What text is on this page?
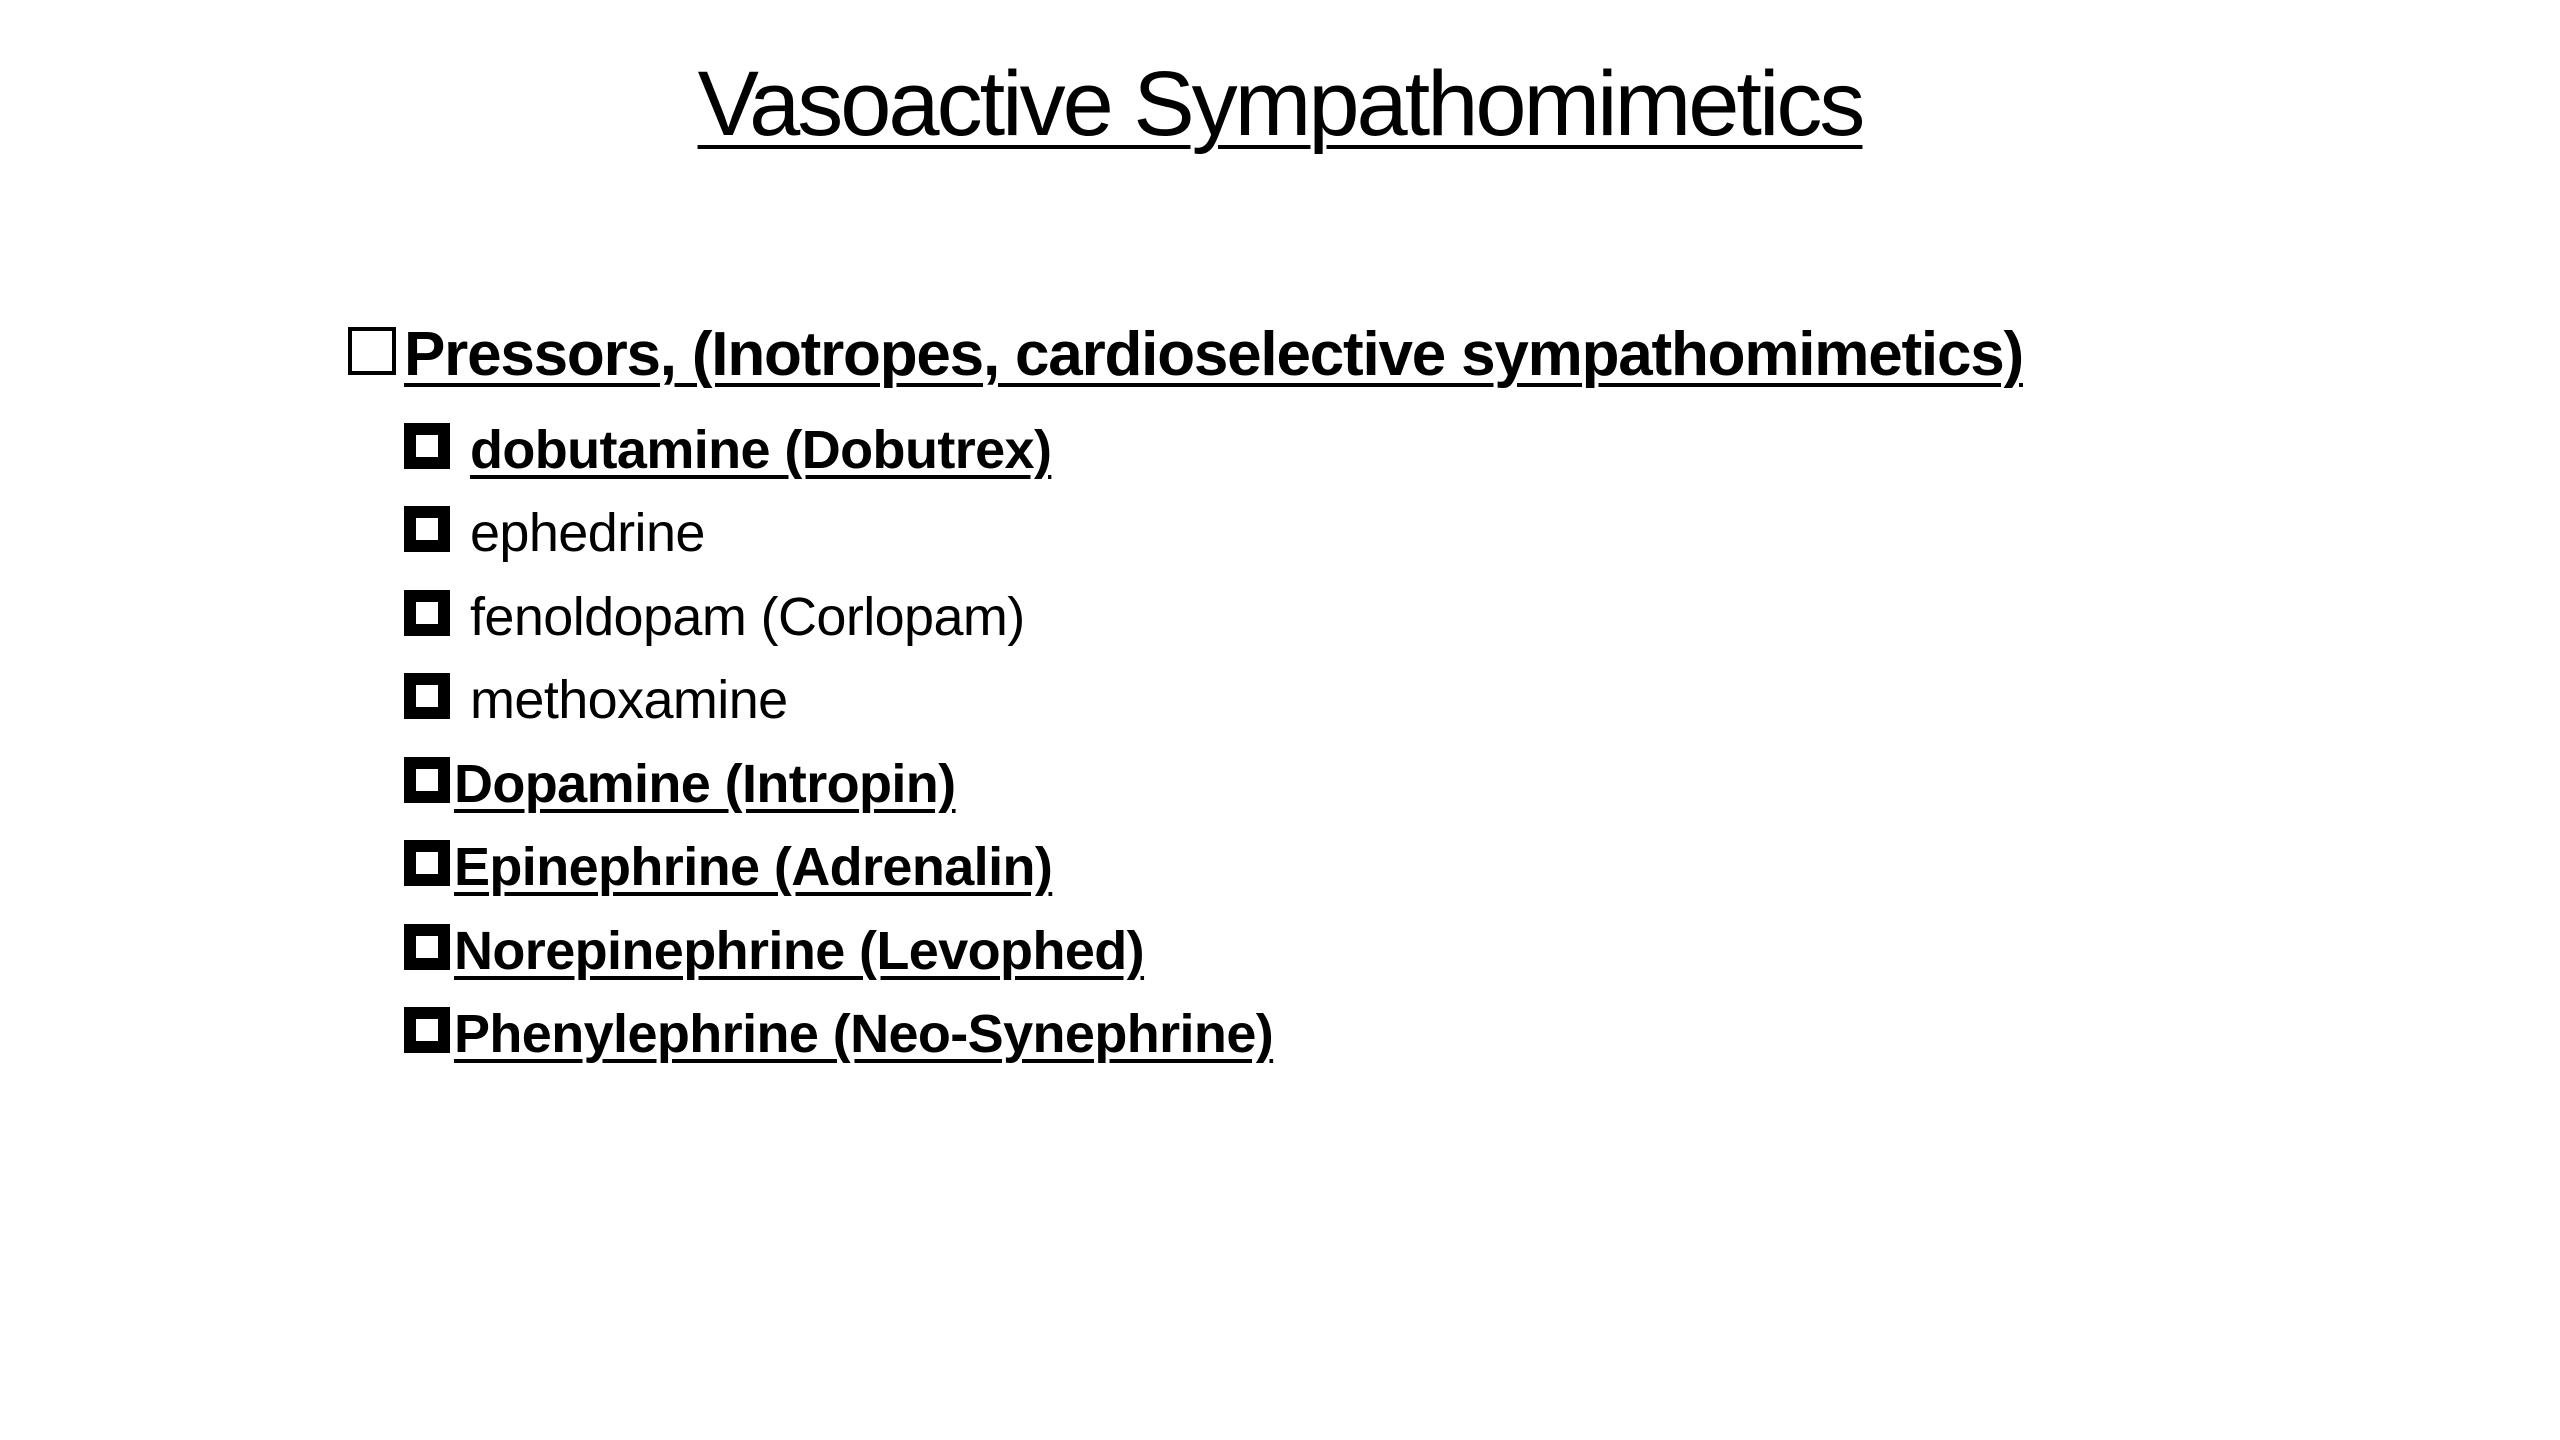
Vasoactive Sympathomimetics
Pressors, (Inotropes, cardioselective sympathomimetics)
dobutamine (Dobutrex)
ephedrine
fenoldopam (Corlopam)
methoxamine
Dopamine (Intropin)
Epinephrine (Adrenalin)
Norepinephrine (Levophed)
Phenylephrine (Neo-Synephrine)
